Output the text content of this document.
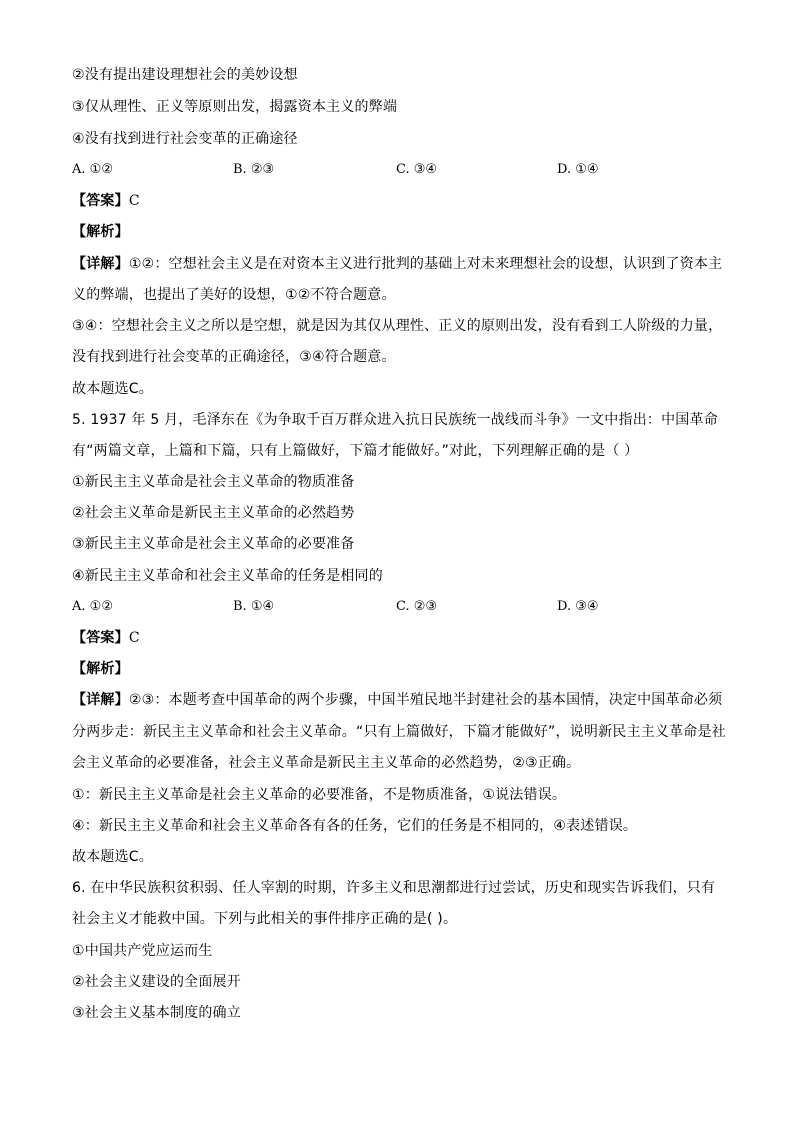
②没有提出建设理想社会的美妙设想
③仅从理性、正义等原则出发，揭露资本主义的弊端
④没有找到进行社会变革的正确途径
A. ①②	B. ②③	C. ③④	D. ①④
【答案】C
【解析】
【详解】①②：空想社会主义是在对资本主义进行批判的基础上对未来理想社会的设想，认识到了资本主
义的弊端，也提出了美好的设想，①②不符合题意。
③④：空想社会主义之所以是空想，就是因为其仅从理性、正义的原则出发，没有看到工人阶级的力量，
没有找到进行社会变革的正确途径，③④符合题意。
故本题选C。
5. 1937 年 5 月，毛泽东在《为争取千百万群众进入抗日民族统一战线而斗争》一文中指出：中国革命
有“两篇文章，上篇和下篇，只有上篇做好，下篇才能做好。”对此，下列理解正确的是（ ）
①新民主主义革命是社会主义革命的物质准备
②社会主义革命是新民主主义革命的必然趋势
③新民主主义革命是社会主义革命的必要准备
④新民主主义革命和社会主义革命的任务是相同的
A. ①②	B. ①④	C. ②③	D. ③④
【答案】C
【解析】
【详解】②③：本题考查中国革命的两个步骤，中国半殖民地半封建社会的基本国情，决定中国革命必须
分两步走：新民主主义革命和社会主义革命。“只有上篇做好，下篇才能做好”，说明新民主主义革命是社
会主义革命的必要准备，社会主义革命是新民主主义革命的必然趋势，②③正确。
①：新民主主义革命是社会主义革命的必要准备，不是物质准备，①说法错误。
④：新民主主义革命和社会主义革命各有各的任务，它们的任务是不相同的，④表述错误。
故本题选C。
6. 在中华民族积贫积弱、任人宰割的时期，许多主义和思潮都进行过尝试，历史和现实告诉我们，只有
社会主义才能救中国。下列与此相关的事件排序正确的是( )。
①中国共产党应运而生
②社会主义建设的全面展开
③社会主义基本制度的确立
